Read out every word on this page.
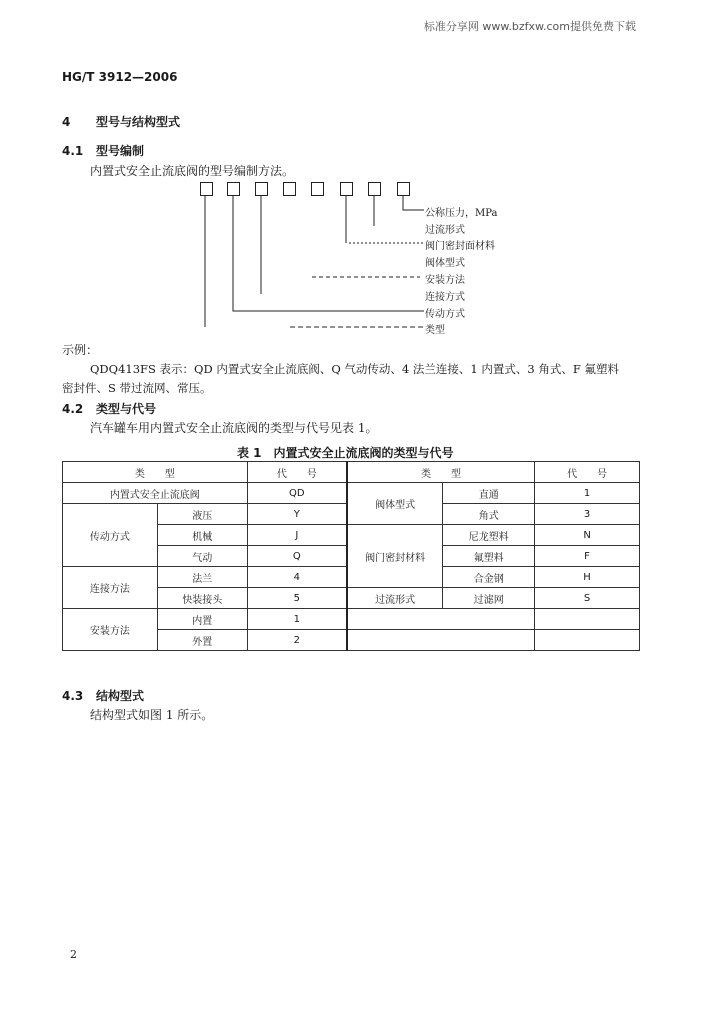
标准分享网 www.bzfxw.com提供免费下载
HG/T 3912—2006
4 型号与结构型式
4.1 型号编制
内置式安全止流底阀的型号编制方法。
公称压力，MPa
过流形式
阀门密封面材料
阀体型式
安装方法
连接方式
传动方式
类型
示例：
QDQ413FS 表示：QD 内置式安全止流底阀、Q 气动传动、4 法兰连接、1 内置式、3 角式、F 氟塑料
密封件、S 带过流网、常压。
4.2 类型与代号
汽车罐车用内置式安全止流底阀的类型与代号见表 1。
表 1　内置式安全止流底阀的类型与代号
类　　型		代　　号	类　　型		代　　号
内置式安全止流底阀		QD	阀体型式	直通	1
传动方式	液压	Y		角式	3
	机械	J	阀门密封材料	尼龙塑料	N
	气动	Q		氟塑料	F
连接方法	法兰	4		合金钢	H
	快装接头	5	过流形式	过滤网	S
安装方法	内置	1			
	外置	2			
4.3 结构型式
结构型式如图 1 所示。
2
